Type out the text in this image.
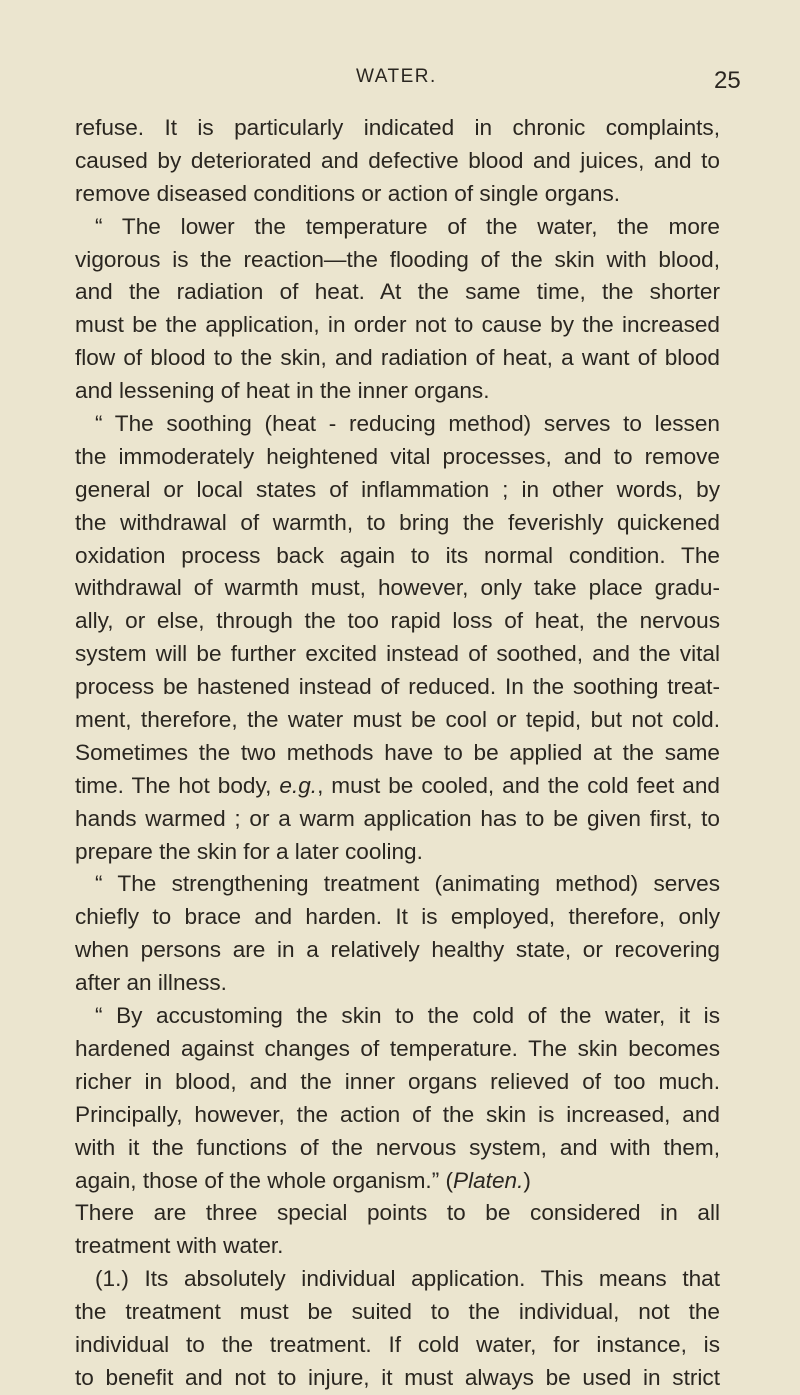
WATER.	25
refuse. It is particularly indicated in chronic complaints,
caused by deteriorated and defective blood and juices, and to
remove diseased conditions or action of single organs.
“ The lower the temperature of the water, the more
vigorous is the reaction—the flooding of the skin with blood,
and the radiation of heat. At the same time, the shorter
must be the application, in order not to cause by the increased
flow of blood to the skin, and radiation of heat, a want of blood
and lessening of heat in the inner organs.
“ The soothing (heat - reducing method) serves to lessen
the immoderately heightened vital processes, and to remove
general or local states of inflammation ; in other words, by
the withdrawal of warmth, to bring the feverishly quickened
oxidation process back again to its normal condition. The
withdrawal of warmth must, however, only take place gradu-
ally, or else, through the too rapid loss of heat, the nervous
system will be further excited instead of soothed, and the vital
process be hastened instead of reduced. In the soothing treat-
ment, therefore, the water must be cool or tepid, but not cold.
Sometimes the two methods have to be applied at the same
time. The hot body, e.g., must be cooled, and the cold feet and
hands warmed ; or a warm application has to be given first, to
prepare the skin for a later cooling.
“ The strengthening treatment (animating method) serves
chiefly to brace and harden. It is employed, therefore, only
when persons are in a relatively healthy state, or recovering
after an illness.
“ By accustoming the skin to the cold of the water, it is
hardened against changes of temperature. The skin becomes
richer in blood, and the inner organs relieved of too much.
Principally, however, the action of the skin is increased, and
with it the functions of the nervous system, and with them,
again, those of the whole organism.” (Platen.)
There are three special points to be considered in all
treatment with water.
(1.) Its absolutely individual application. This means that
the treatment must be suited to the individual, not the
individual to the treatment. If cold water, for instance, is
to benefit and not to injure, it must always be used in strict
